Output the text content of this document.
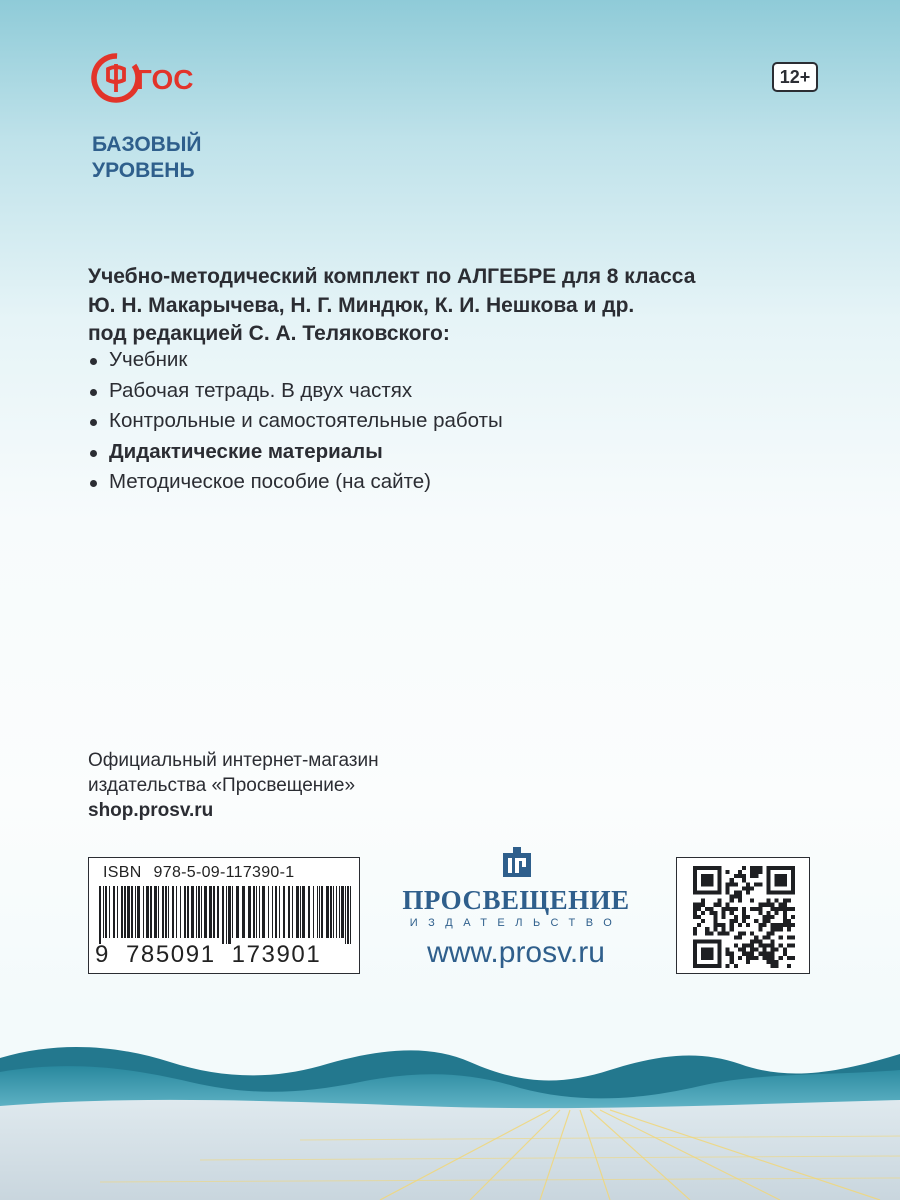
ГОС	12+
БАЗОВЫЙ
УРОВЕНЬ
Учебно-методический комплект по АЛГЕБРЕ для 8 класса
Ю. Н. Макарычева, Н. Г. Миндюк, К. И. Нешкова и др.
под редакцией С. А. Теляковского:
Учебник
Рабочая тетрадь. В двух частях
Контрольные и самостоятельные работы
Дидактические материалы
Методическое пособие (на сайте)
Официальный интернет-магазин
издательства «Просвещение»
shop.prosv.ru
ISBN 978-5-09-117390-1
9 785091 173901
ПРОСВЕЩЕНИЕ
ИЗДАТЕЛЬСТВО
www.prosv.ru
